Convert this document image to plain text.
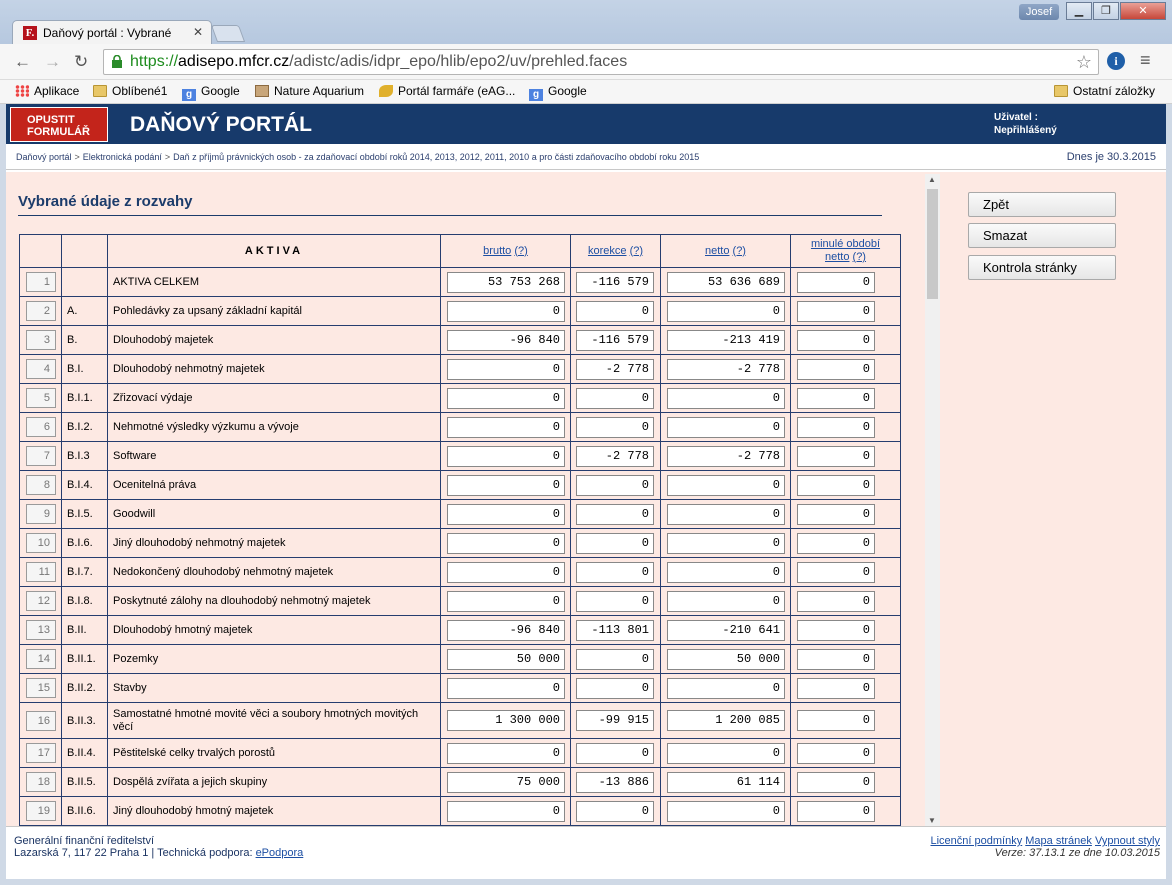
F. Daňový portál : Vybrané ✕
Josef	▁	❐	✕
← → ↻	https://adisepo.mfcr.cz/adistc/adis/idpr_epo/hlib/epo2/uv/prehled.faces	☆	i	≡
Aplikace	Oblíbené1	g Google	Nature Aquarium	Portál farmáře (eAG...	g Google	Ostatní záložky
OPUSTIT
FORMULÁŘ	DAŇOVÝ PORTÁL	Uživatel :
Nepřihlášený
Daňový portál > Elektronická podání > Daň z příjmů právnických osob - za zdaňovací období roků 2014, 2013, 2012, 2011, 2010 a pro části zdaňovacího období roku 2015	Dnes je 30.3.2015
Vybrané údaje z rozvahy
		AKTIVA	brutto (?)	korekce (?)	netto (?)	minulé období
netto (?)

1		AKTIVA CELKEM	53 753 268	-116 579	53 636 689	0

2	A.	Pohledávky za upsaný základní kapitál	0	0	0	0

3	B.	Dlouhodobý majetek	-96 840	-116 579	-213 419	0

4	B.I.	Dlouhodobý nehmotný majetek	0	-2 778	-2 778	0

5	B.I.1.	Zřizovací výdaje	0	0	0	0

6	B.I.2.	Nehmotné výsledky výzkumu a vývoje	0	0	0	0

7	B.I.3	Software	0	-2 778	-2 778	0

8	B.I.4.	Ocenitelná práva	0	0	0	0

9	B.I.5.	Goodwill	0	0	0	0

10	B.I.6.	Jiný dlouhodobý nehmotný majetek	0	0	0	0

11	B.I.7.	Nedokončený dlouhodobý nehmotný majetek	0	0	0	0

12	B.I.8.	Poskytnuté zálohy na dlouhodobý nehmotný majetek	0	0	0	0

13	B.II.	Dlouhodobý hmotný majetek	-96 840	-113 801	-210 641	0

14	B.II.1.	Pozemky	50 000	0	50 000	0

15	B.II.2.	Stavby	0	0	0	0

16	B.II.3.	Samostatné hmotné movité věci a soubory hmotných movitých věcí	1 300 000	-99 915	1 200 085	0

17	B.II.4.	Pěstitelské celky trvalých porostů	0	0	0	0

18	B.II.5.	Dospělá zvířata a jejich skupiny	75 000	-13 886	61 114	0

19	B.II.6.	Jiný dlouhodobý hmotný majetek	0	0	0	0
▲
▼
Zpět
Smazat
Kontrola stránky
Generální finanční ředitelství
Lazarská 7, 117 22 Praha 1 | Technická podpora: ePodpora
Licenční podmínky Mapa stránek Vypnout styly
Verze: 37.13.1 ze dne 10.03.2015
